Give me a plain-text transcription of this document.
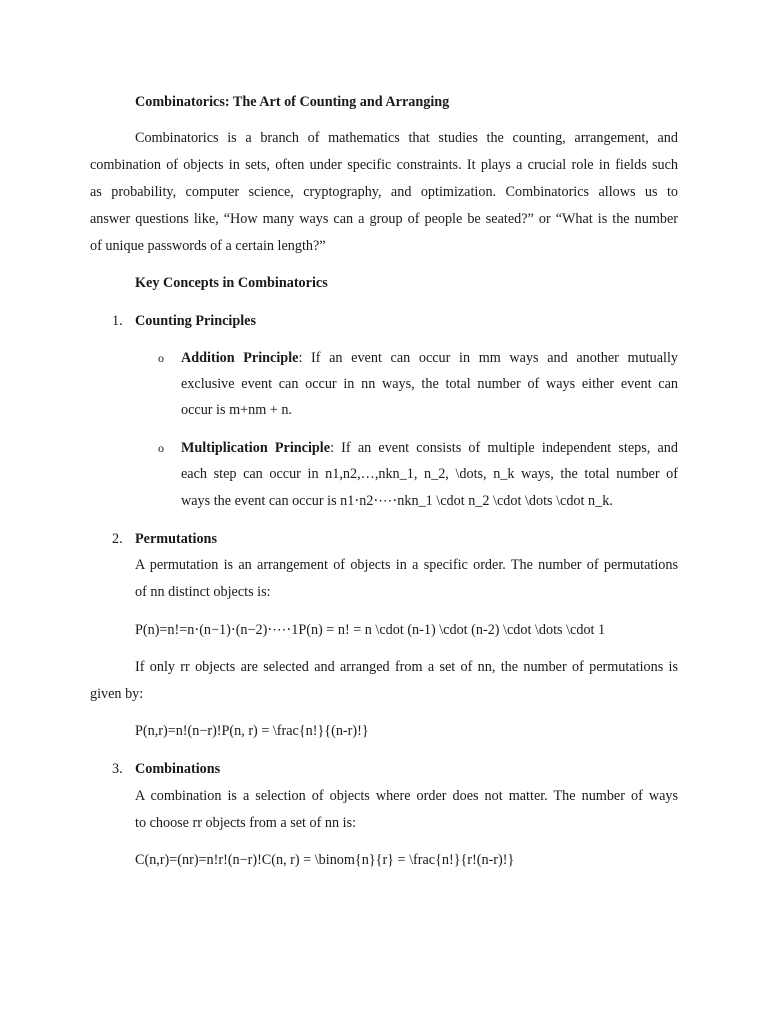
Combinatorics: The Art of Counting and Arranging
Combinatorics is a branch of mathematics that studies the counting, arrangement, and
combination of objects in sets, often under specific constraints. It plays a crucial role in fields such
as probability, computer science, cryptography, and optimization. Combinatorics allows us to
answer questions like, “How many ways can a group of people be seated?” or “What is the number
of unique passwords of a certain length?”
Key Concepts in Combinatorics
1. Counting Principles
o Addition Principle: If an event can occur in mm ways and another mutually
exclusive event can occur in nn ways, the total number of ways either event can
occur is m+nm + n.
o Multiplication Principle: If an event consists of multiple independent steps, and
each step can occur in n1,n2,…,nkn_1, n_2, \dots, n_k ways, the total number of
ways the event can occur is n1⋅n2⋅⋯⋅nkn_1 \cdot n_2 \cdot \dots \cdot n_k.
2. Permutations
A permutation is an arrangement of objects in a specific order. The number of permutations
of nn distinct objects is:
P(n)=n!=n⋅(n−1)⋅(n−2)⋅⋯⋅1P(n) = n! = n \cdot (n-1) \cdot (n-2) \cdot \dots \cdot 1
If only rr objects are selected and arranged from a set of nn, the number of permutations is
given by:
P(n,r)=n!(n−r)!P(n, r) = \frac{n!}{(n-r)!}
3. Combinations
A combination is a selection of objects where order does not matter. The number of ways
to choose rr objects from a set of nn is:
C(n,r)=(nr)=n!r!(n−r)!C(n, r) = \binom{n}{r} = \frac{n!}{r!(n-r)!}
